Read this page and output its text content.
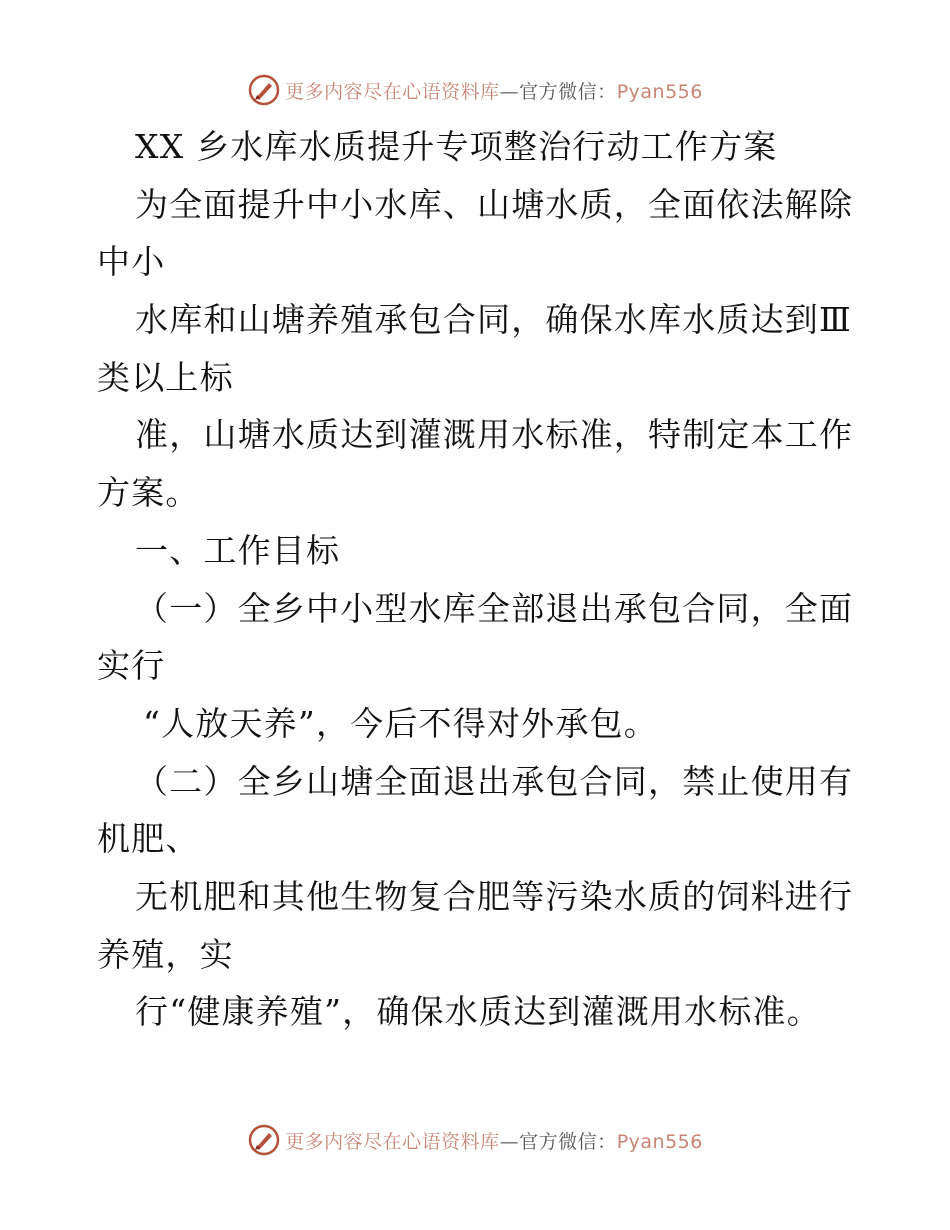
更多内容尽在心语资料库—官方微信：Pyan556
XX 乡水库水质提升专项整治行动工作方案
为全面提升中小水库、山塘水质，全面依法解除
中小
水库和山塘养殖承包合同，确保水库水质达到Ⅲ
类以上标
准，山塘水质达到灌溉用水标准，特制定本工作
方案。
一、工作目标
（一）全乡中小型水库全部退出承包合同，全面
实行
“人放天养”，今后不得对外承包。
（二）全乡山塘全面退出承包合同，禁止使用有
机肥、
无机肥和其他生物复合肥等污染水质的饲料进行
养殖，实
行“健康养殖”，确保水质达到灌溉用水标准。
更多内容尽在心语资料库—官方微信：Pyan556
